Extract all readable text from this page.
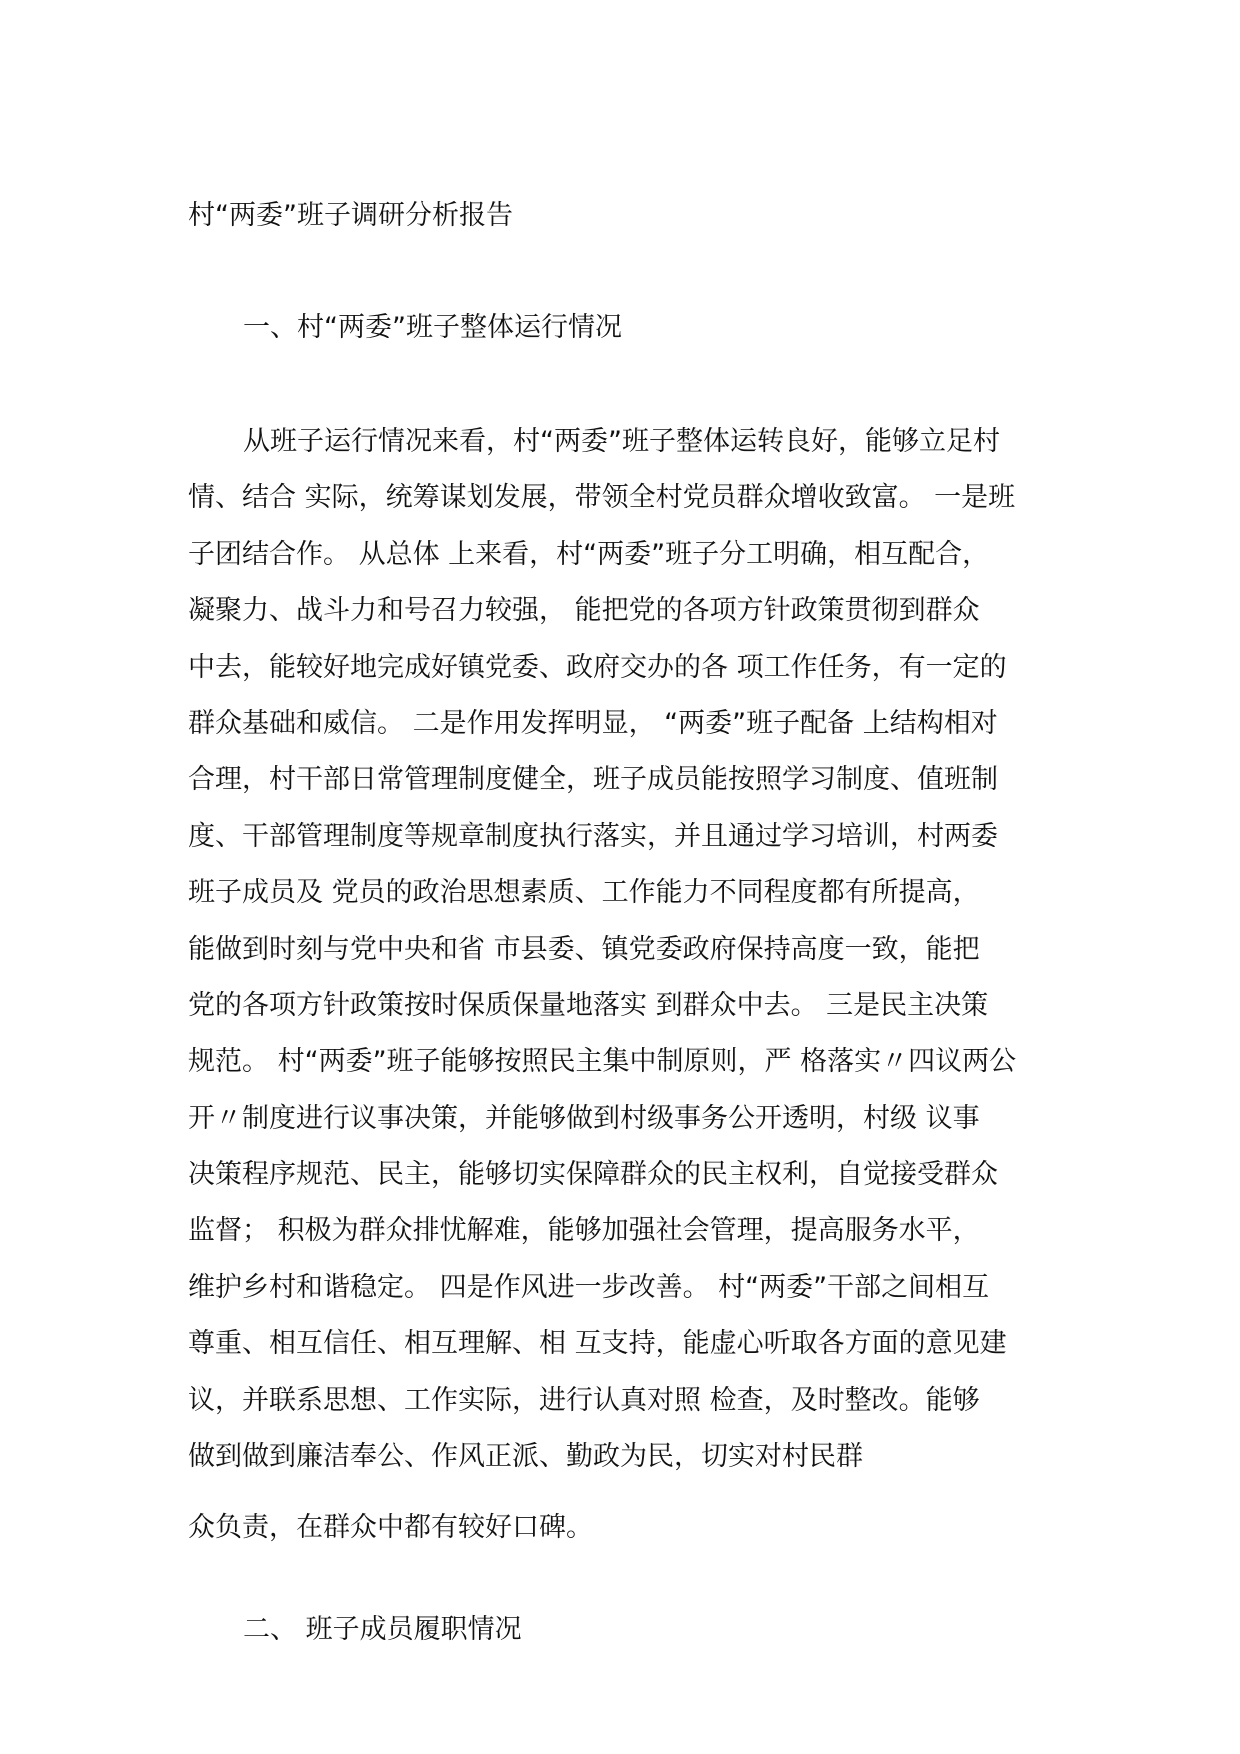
村“两委”班子调研分析报告
一、村“两委”班子整体运行情况

从班子运行情况来看，村“两委”班子整体运转良好，能够立足村

情、结合 实际，统筹谋划发展，带领全村党员群众增收致富。 一是班

子团结合作。 从总体 上来看，村“两委”班子分工明确，相互配合，

凝聚力、战斗力和号召力较强， 能把党的各项方针政策贯彻到群众

中去，能较好地完成好镇党委、政府交办的各 项工作任务，有一定的

群众基础和威信。 二是作用发挥明显， “两委”班子配备 上结构相对

合理，村干部日常管理制度健全，班子成员能按照学习制度、值班制

度、干部管理制度等规章制度执行落实，并且通过学习培训，村两委

班子成员及 党员的政治思想素质、工作能力不同程度都有所提高，

能做到时刻与党中央和省 市县委、镇党委政府保持高度一致，能把

党的各项方针政策按时保质保量地落实 到群众中去。 三是民主决策

规范。 村“两委”班子能够按照民主集中制原则，严 格落实〃四议两公

开〃制度进行议事决策，并能够做到村级事务公开透明，村级 议事

决策程序规范、民主，能够切实保障群众的民主权利，自觉接受群众

监督； 积极为群众排忧解难，能够加强社会管理，提高服务水平，

维护乡村和谐稳定。 四是作风进一步改善。 村“两委”干部之间相互

尊重、相互信任、相互理解、相 互支持，能虚心听取各方面的意见建

议，并联系思想、工作实际，进行认真对照 检查，及时整改。能够

做到做到廉洁奉公、作风正派、勤政为民，切实对村民群

众负责，在群众中都有较好口碑。

二、 班子成员履职情况
